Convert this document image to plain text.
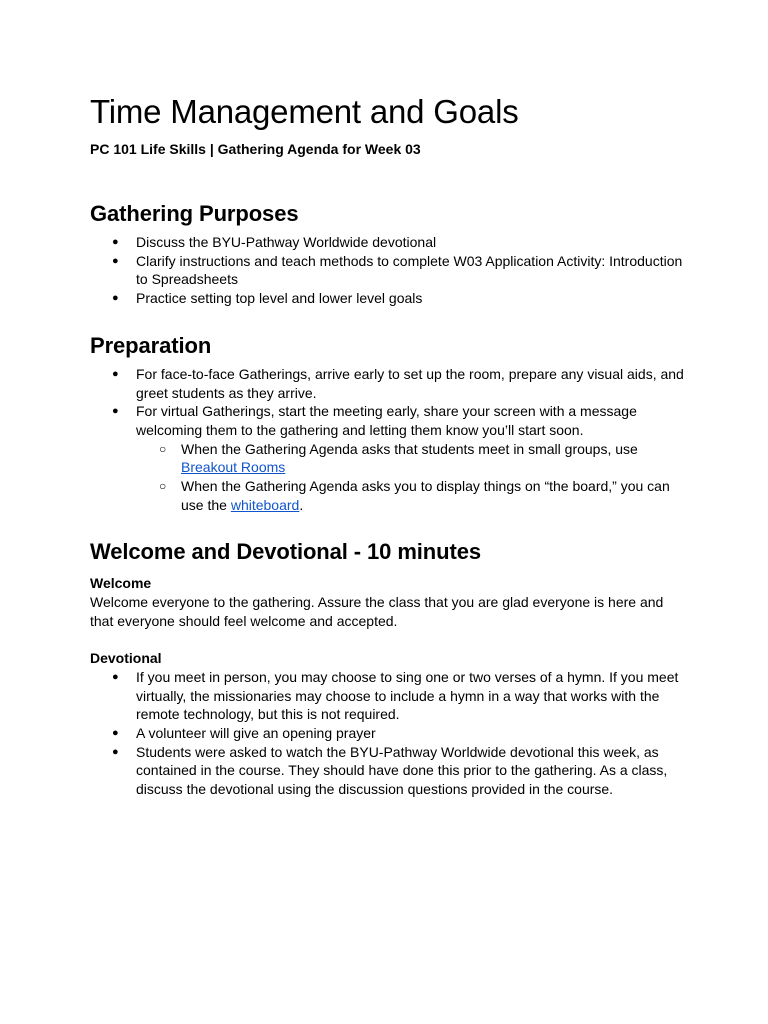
Time Management and Goals

PC 101 Life Skills | Gathering Agenda for Week 03

Gathering Purposes
● Discuss the BYU-Pathway Worldwide devotional
● Clarify instructions and teach methods to complete W03 Application Activity: Introduction to Spreadsheets
● Practice setting top level and lower level goals
Preparation
● For face-to-face Gatherings, arrive early to set up the room, prepare any visual aids, and greet students as they arrive.
● For virtual Gatherings, start the meeting early, share your screen with a message welcoming them to the gathering and letting them know you’ll start soon.
○ When the Gathering Agenda asks that students meet in small groups, use Breakout Rooms
○ When the Gathering Agenda asks you to display things on “the board,” you can use the whiteboard.
Welcome and Devotional - 10 minutes

Welcome

Welcome everyone to the gathering. Assure the class that you are glad everyone is here and that everyone should feel welcome and accepted.

Devotional

● If you meet in person, you may choose to sing one or two verses of a hymn. If you meet virtually, the missionaries may choose to include a hymn in a way that works with the remote technology, but this is not required.
● A volunteer will give an opening prayer
● Students were asked to watch the BYU-Pathway Worldwide devotional this week, as contained in the course. They should have done this prior to the gathering. As a class, discuss the devotional using the discussion questions provided in the course.
